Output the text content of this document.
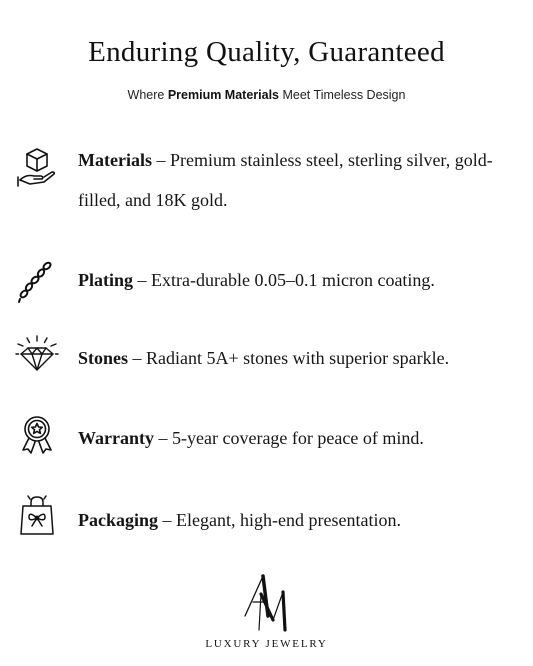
Enduring Quality, Guaranteed
Where Premium Materials Meet Timeless Design
Materials – Premium stainless steel, sterling silver, gold-filled, and 18K gold.
Plating – Extra-durable 0.05–0.1 micron coating.
Stones – Radiant 5A+ stones with superior sparkle.
Warranty – 5-year coverage for peace of mind.
Packaging – Elegant, high-end presentation.
LUXURY JEWELRY
